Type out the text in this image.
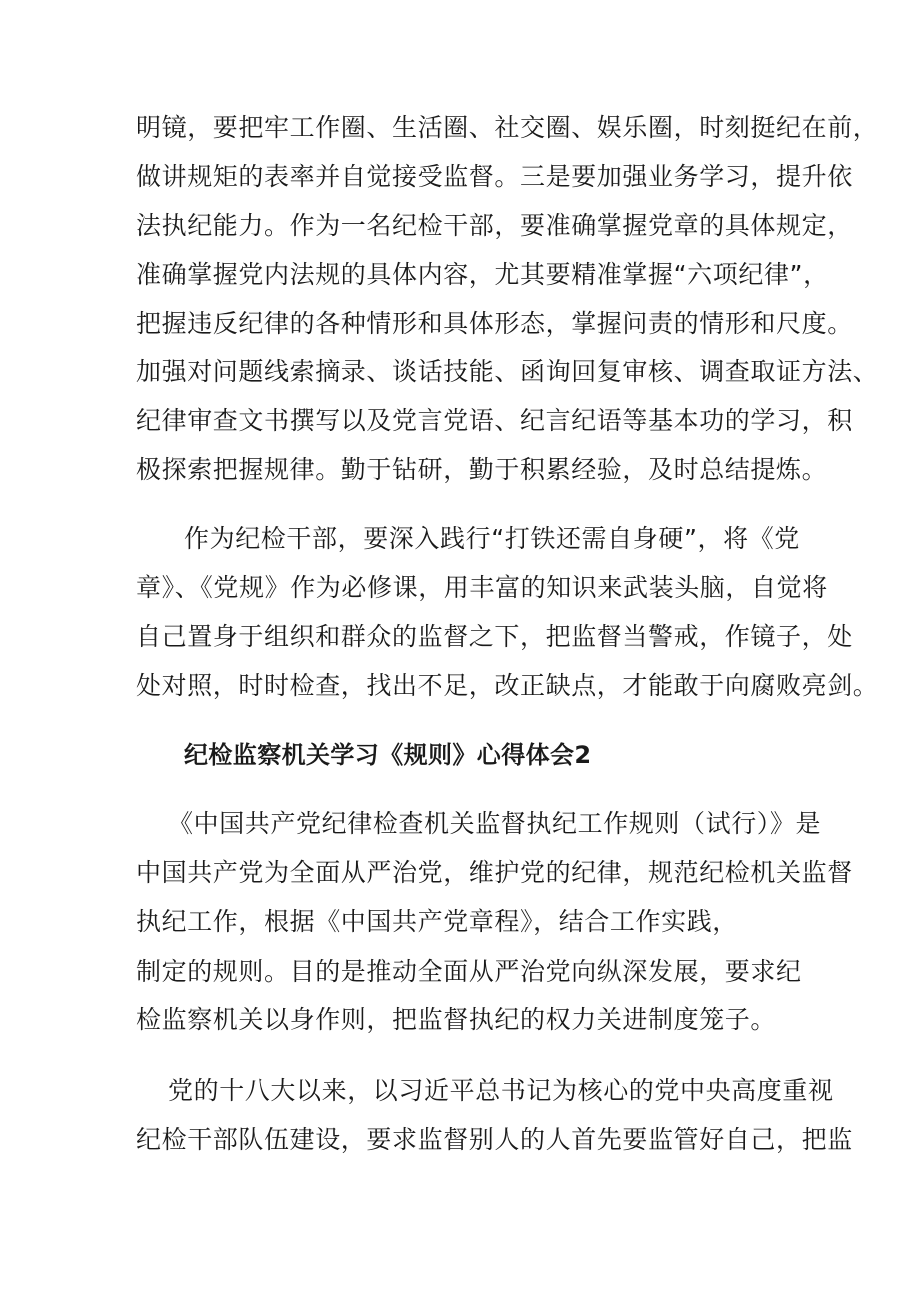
明镜，要把牢工作圈、生活圈、社交圈、娱乐圈，时刻挺纪在前，
做讲规矩的表率并自觉接受监督。三是要加强业务学习，提升依
法执纪能力。作为一名纪检干部，要准确掌握党章的具体规定，
准确掌握党内法规的具体内容，尤其要精准掌握“六项纪律”，
把握违反纪律的各种情形和具体形态，掌握问责的情形和尺度。
加强对问题线索摘录、谈话技能、函询回复审核、调查取证方法、
纪律审查文书撰写以及党言党语、纪言纪语等基本功的学习，积
极探索把握规律。勤于钻研，勤于积累经验，及时总结提炼。
作为纪检干部，要深入践行“打铁还需自身硬”，将《党
章》、《党规》作为必修课，用丰富的知识来武装头脑，自觉将
自己置身于组织和群众的监督之下，把监督当警戒，作镜子，处
处对照，时时检查，找出不足，改正缺点，才能敢于向腐败亮剑。
纪检监察机关学习《规则》心得体会2
《中国共产党纪律检查机关监督执纪工作规则（试行）》是
中国共产党为全面从严治党，维护党的纪律，规范纪检机关监督
执纪工作，根据《中国共产党章程》，结合工作实践，
制定的规则。目的是推动全面从严治党向纵深发展，要求纪
检监察机关以身作则，把监督执纪的权力关进制度笼子。
党的十八大以来，以习近平总书记为核心的党中央高度重视
纪检干部队伍建设，要求监督别人的人首先要监管好自己，把监
